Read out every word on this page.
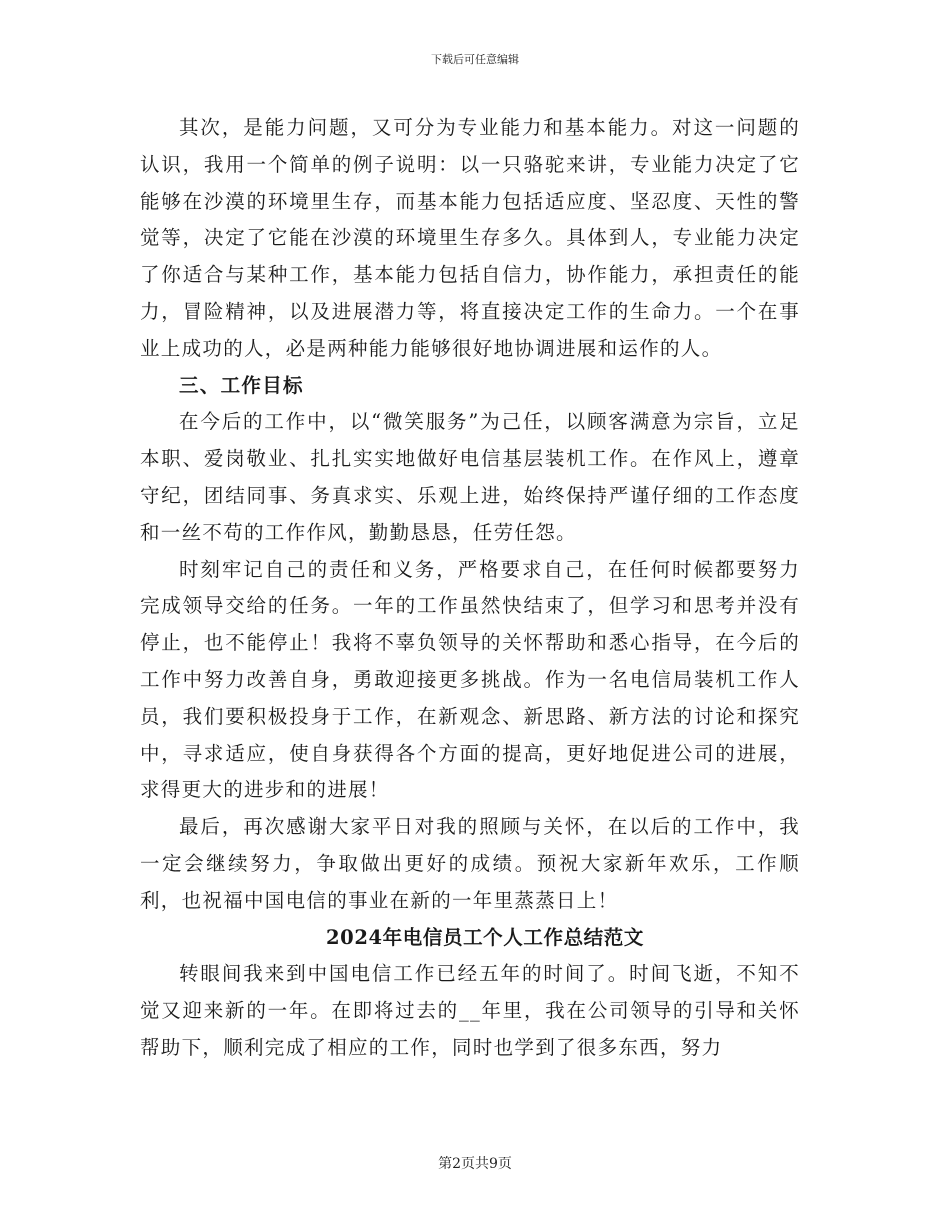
下载后可任意编辑

其次，是能力问题，又可分为专业能力和基本能力。对这一问题的认识，我用一个简单的例子说明：以一只骆驼来讲，专业能力决定了它能够在沙漠的环境里生存，而基本能力包括适应度、坚忍度、天性的警觉等，决定了它能在沙漠的环境里生存多久。具体到人，专业能力决定了你适合与某种工作，基本能力包括自信力，协作能力，承担责任的能力，冒险精神，以及进展潜力等，将直接决定工作的生命力。一个在事业上成功的人，必是两种能力能够很好地协调进展和运作的人。

三、工作目标

在今后的工作中，以“微笑服务”为己任，以顾客满意为宗旨，立足本职、爱岗敬业、扎扎实实地做好电信基层装机工作。在作风上，遵章守纪，团结同事、务真求实、乐观上进，始终保持严谨仔细的工作态度和一丝不苟的工作作风，勤勤恳恳，任劳任怨。

时刻牢记自己的责任和义务，严格要求自己，在任何时候都要努力完成领导交给的任务。一年的工作虽然快结束了，但学习和思考并没有停止，也不能停止！我将不辜负领导的关怀帮助和悉心指导，在今后的工作中努力改善自身，勇敢迎接更多挑战。作为一名电信局装机工作人员，我们要积极投身于工作，在新观念、新思路、新方法的讨论和探究中，寻求适应，使自身获得各个方面的提高，更好地促进公司的进展，求得更大的进步和的进展！

最后，再次感谢大家平日对我的照顾与关怀，在以后的工作中，我一定会继续努力，争取做出更好的成绩。预祝大家新年欢乐，工作顺利，也祝福中国电信的事业在新的一年里蒸蒸日上！

2024年电信员工个人工作总结范文

转眼间我来到中国电信工作已经五年的时间了。时间飞逝，不知不觉又迎来新的一年。在即将过去的__年里，我在公司领导的引导和关怀帮助下，顺利完成了相应的工作，同时也学到了很多东西，努力

第2页共9页
